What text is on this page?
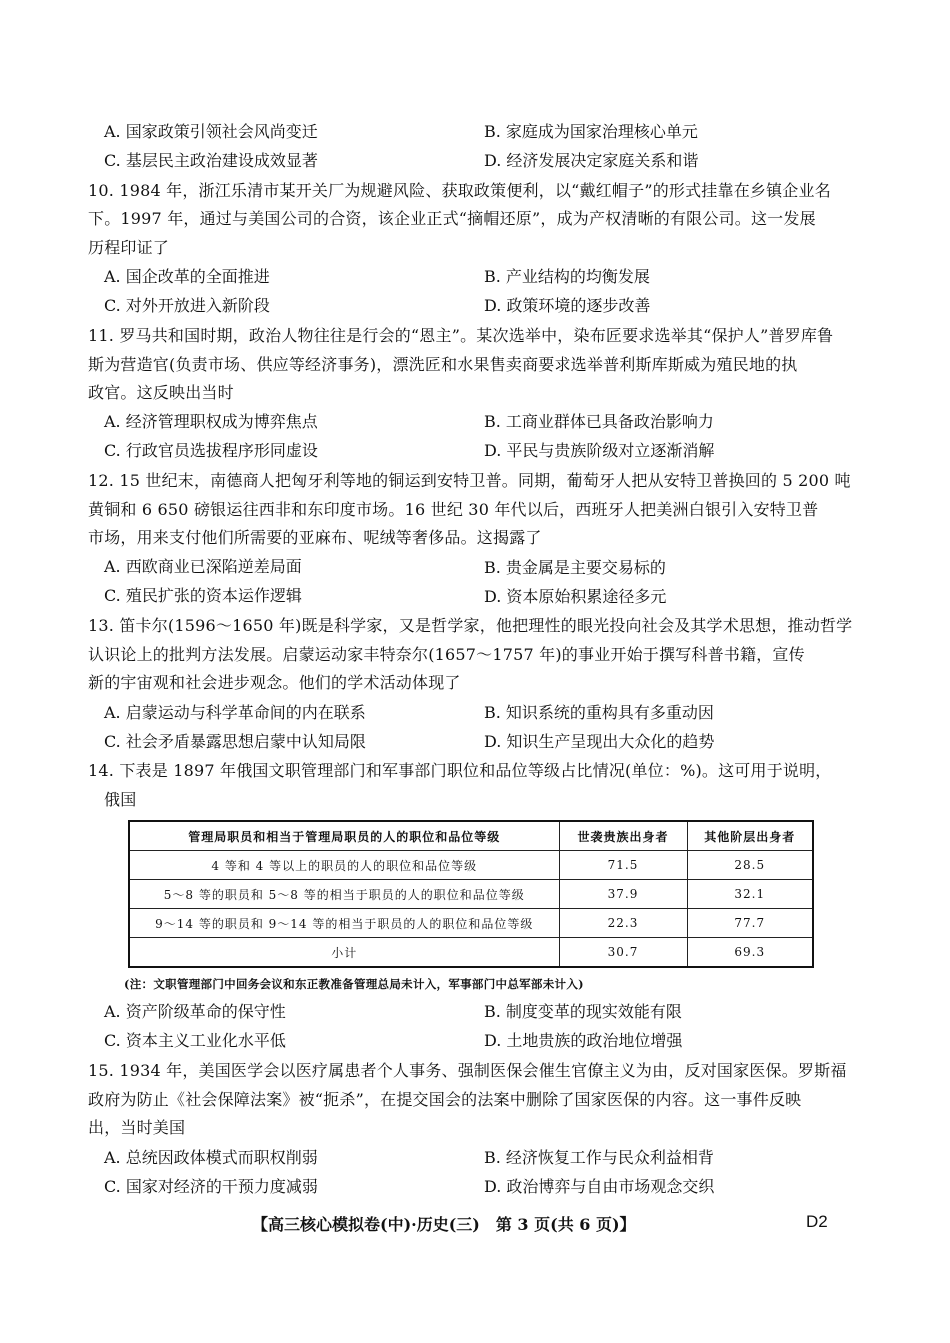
A. 国家政策引领社会风尚变迁	B. 家庭成为国家治理核心单元
C. 基层民主政治建设成效显著	D. 经济发展决定家庭关系和谐
10. 1984 年，浙江乐清市某开关厂为规避风险、获取政策便利，以“戴红帽子”的形式挂靠在乡镇企业名
下。1997 年，通过与美国公司的合资，该企业正式“摘帽还原”，成为产权清晰的有限公司。这一发展
历程印证了
A. 国企改革的全面推进	B. 产业结构的均衡发展
C. 对外开放进入新阶段	D. 政策环境的逐步改善
11. 罗马共和国时期，政治人物往往是行会的“恩主”。某次选举中，染布匠要求选举其“保护人”普罗库鲁
斯为营造官(负责市场、供应等经济事务)，漂洗匠和水果售卖商要求选举普利斯库斯威为殖民地的执
政官。这反映出当时
A. 经济管理职权成为博弈焦点	B. 工商业群体已具备政治影响力
C. 行政官员选拔程序形同虚设	D. 平民与贵族阶级对立逐渐消解
12. 15 世纪末，南德商人把匈牙利等地的铜运到安特卫普。同期，葡萄牙人把从安特卫普换回的 5 200 吨
黄铜和 6 650 磅银运往西非和东印度市场。16 世纪 30 年代以后，西班牙人把美洲白银引入安特卫普
市场，用来支付他们所需要的亚麻布、呢绒等奢侈品。这揭露了
A. 西欧商业已深陷逆差局面	B. 贵金属是主要交易标的
C. 殖民扩张的资本运作逻辑	D. 资本原始积累途径多元
13. 笛卡尔(1596～1650 年)既是科学家，又是哲学家，他把理性的眼光投向社会及其学术思想，推动哲学
认识论上的批判方法发展。启蒙运动家丰特奈尔(1657～1757 年)的事业开始于撰写科普书籍，宣传
新的宇宙观和社会进步观念。他们的学术活动体现了
A. 启蒙运动与科学革命间的内在联系	B. 知识系统的重构具有多重动因
C. 社会矛盾暴露思想启蒙中认知局限	D. 知识生产呈现出大众化的趋势
14. 下表是 1897 年俄国文职管理部门和军事部门职位和品位等级占比情况(单位：%)。这可用于说明，
俄国
管理局职员和相当于管理局职员的人的职位和品位等级	世袭贵族出身者	其他阶层出身者
4 等和 4 等以上的职员的人的职位和品位等级	71.5	28.5
5～8 等的职员和 5～8 等的相当于职员的人的职位和品位等级	37.9	32.1
9～14 等的职员和 9～14 等的相当于职员的人的职位和品位等级	22.3	77.7
小计	30.7	69.3
(注：文职管理部门中回务会议和东正教准备管理总局未计入，军事部门中总军部未计入)
A. 资产阶级革命的保守性	B. 制度变革的现实效能有限
C. 资本主义工业化水平低	D. 土地贵族的政治地位增强
15. 1934 年，美国医学会以医疗属患者个人事务、强制医保会催生官僚主义为由，反对国家医保。罗斯福
政府为防止《社会保障法案》被“扼杀”，在提交国会的法案中删除了国家医保的内容。这一事件反映
出，当时美国
A. 总统因政体模式而职权削弱	B. 经济恢复工作与民众利益相背
C. 国家对经济的干预力度减弱	D. 政治博弈与自由市场观念交织
【高三核心模拟卷(中)·历史(三)　第 3 页(共 6 页)】	D2
